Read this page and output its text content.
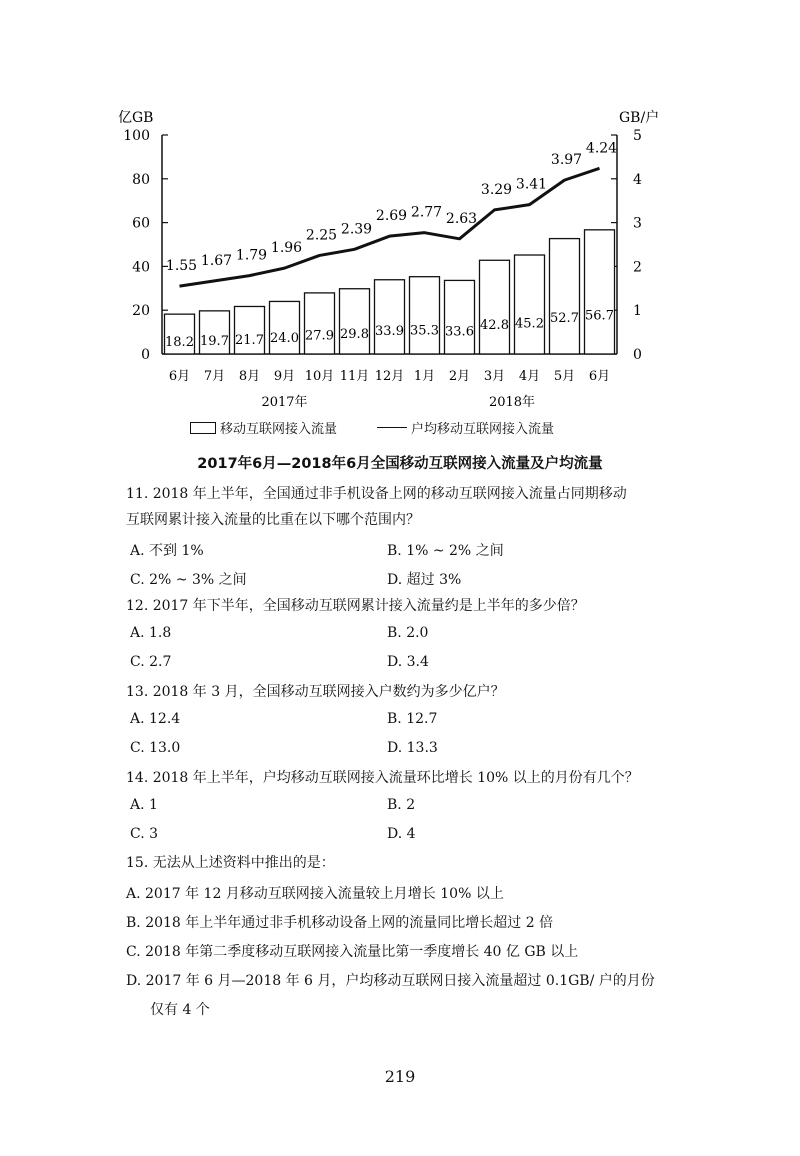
0
20
40
60
80
100
0
1
2
3
4
5
亿GB	GB/户
18.2 19.7 21.7 24.0 27.9 29.8 33.9 35.3 33.6 42.8 45.2 52.7 56.7
1.55 1.67 1.79 1.96
2.25 2.39
2.69 2.77 2.63
3.29 3.41
3.97
4.24
6月 7月 8月 9月 10月 11月 12月 1月 2月 3月 4月 5月 6月
2017年	2018年
移动互联网接入流量	户均移动互联网接入流量
2017年6月—2018年6月全国移动互联网接入流量及户均流量
11. 2018 年上半年，全国通过非手机设备上网的移动互联网接入流量占同期移动
互联网累计接入流量的比重在以下哪个范围内？
A. 不到 1%	B. 1% ~ 2% 之间
C. 2% ~ 3% 之间	D. 超过 3%
12. 2017 年下半年，全国移动互联网累计接入流量约是上半年的多少倍？
A. 1.8	B. 2.0
C. 2.7	D. 3.4
13. 2018 年 3 月，全国移动互联网接入户数约为多少亿户？
A. 12.4	B. 12.7
C. 13.0	D. 13.3
14. 2018 年上半年，户均移动互联网接入流量环比增长 10% 以上的月份有几个？
A. 1	B. 2
C. 3	D. 4
15. 无法从上述资料中推出的是：
A. 2017 年 12 月移动互联网接入流量较上月增长 10% 以上
B. 2018 年上半年通过非手机移动设备上网的流量同比增长超过 2 倍
C. 2018 年第二季度移动互联网接入流量比第一季度增长 40 亿 GB 以上
D. 2017 年 6 月—2018 年 6 月，户均移动互联网日接入流量超过 0.1GB/ 户的月份
仅有 4 个
219
